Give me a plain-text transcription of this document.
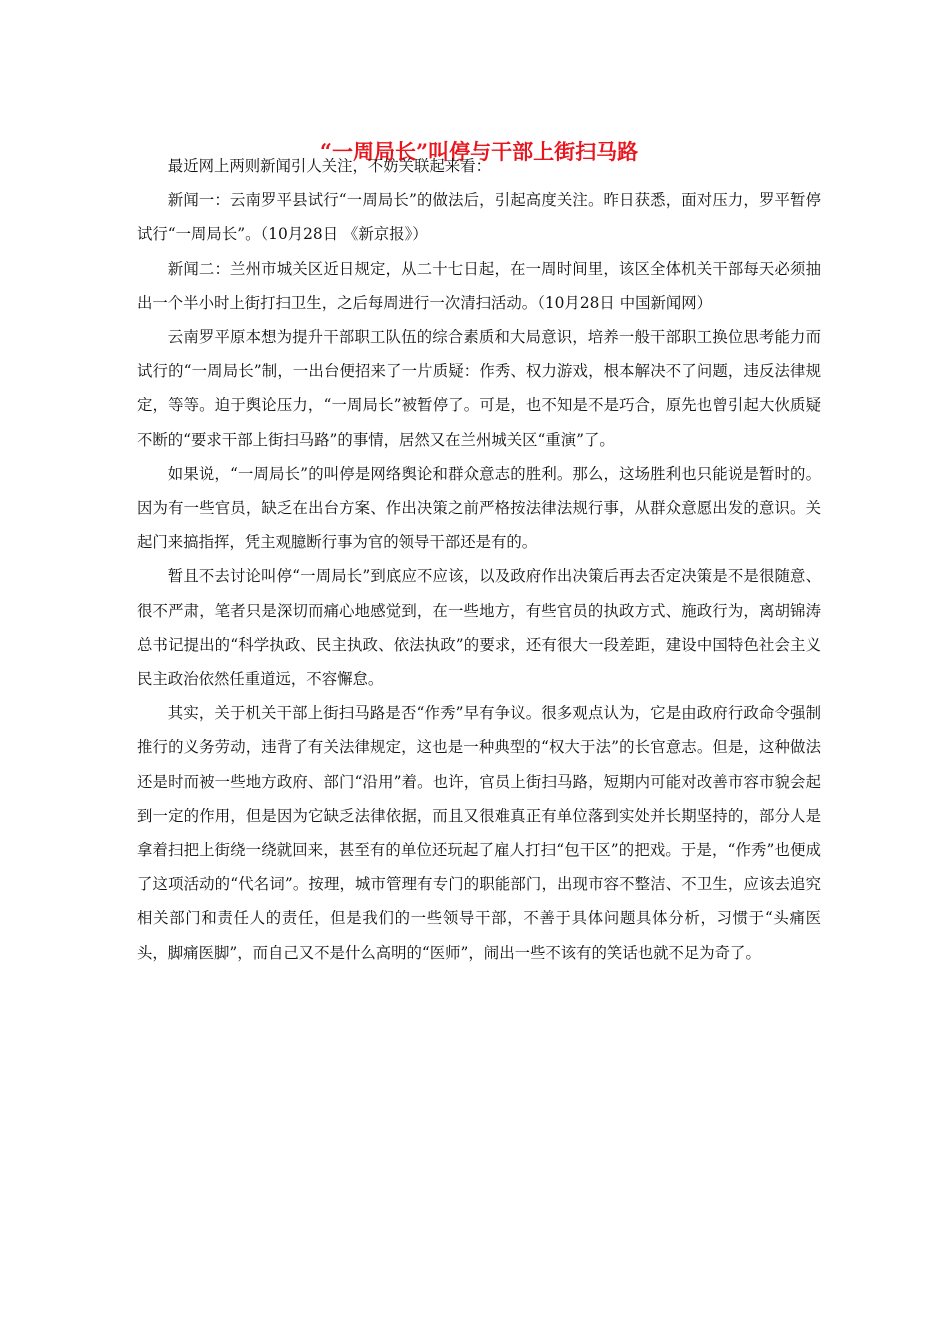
“一周局长”叫停与干部上街扫马路

最近网上两则新闻引人关注，不妨关联起来看：

新闻一：云南罗平县试行“一周局长”的做法后，引起高度关注。昨日获悉，面对压力，罗平暂停试行“一周局长”。（10月28日 《新京报》）

新闻二：兰州市城关区近日规定，从二十七日起，在一周时间里，该区全体机关干部每天必须抽出一个半小时上街打扫卫生，之后每周进行一次清扫活动。（10月28日 中国新闻网）

云南罗平原本想为提升干部职工队伍的综合素质和大局意识，培养一般干部职工换位思考能力而试行的“一周局长”制，一出台便招来了一片质疑：作秀、权力游戏，根本解决不了问题，违反法律规定，等等。迫于舆论压力，“一周局长”被暂停了。可是，也不知是不是巧合，原先也曾引起大伙质疑不断的“要求干部上街扫马路”的事情，居然又在兰州城关区“重演”了。

如果说，“一周局长”的叫停是网络舆论和群众意志的胜利。那么，这场胜利也只能说是暂时的。因为有一些官员，缺乏在出台方案、作出决策之前严格按法律法规行事，从群众意愿出发的意识。关起门来搞指挥，凭主观臆断行事为官的领导干部还是有的。

暂且不去讨论叫停“一周局长”到底应不应该，以及政府作出决策后再去否定决策是不是很随意、很不严肃，笔者只是深切而痛心地感觉到，在一些地方，有些官员的执政方式、施政行为，离胡锦涛总书记提出的“科学执政、民主执政、依法执政”的要求，还有很大一段差距，建设中国特色社会主义民主政治依然任重道远，不容懈怠。

其实，关于机关干部上街扫马路是否“作秀”早有争议。很多观点认为，它是由政府行政命令强制推行的义务劳动，违背了有关法律规定，这也是一种典型的“权大于法”的长官意志。但是，这种做法还是时而被一些地方政府、部门“沿用”着。也许，官员上街扫马路，短期内可能对改善市容市貌会起到一定的作用，但是因为它缺乏法律依据，而且又很难真正有单位落到实处并长期坚持的，部分人是拿着扫把上街绕一绕就回来，甚至有的单位还玩起了雇人打扫“包干区”的把戏。于是，“作秀”也便成了这项活动的“代名词”。按理，城市管理有专门的职能部门，出现市容不整洁、不卫生，应该去追究相关部门和责任人的责任，但是我们的一些领导干部，不善于具体问题具体分析，习惯于“头痛医头，脚痛医脚”，而自己又不是什么高明的“医师”，闹出一些不该有的笑话也就不足为奇了。
